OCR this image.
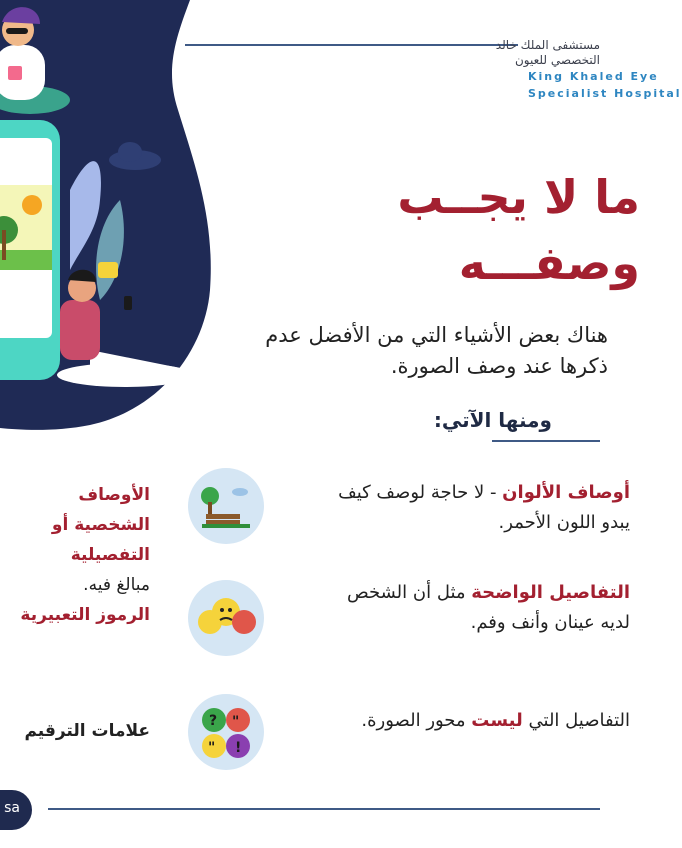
مستشفى الملك خالد
التخصصي للعيون
King Khaled Eye
Specialist Hospital
ما لا يجــب
وصفـــه
هناك بعض الأشياء التي من الأفضل عدم ذكرها عند وصف الصورة.
ومنها الآتي:
أوصاف الألوان - لا حاجة لوصف كيف يبدو اللون الأحمر.
التفاصيل الواضحة مثل أن الشخص لديه عينان وأنف وفم.
التفاصيل التي ليست محور الصورة.
? "
" !
الأوصاف الشخصية أو التفصيلية
مبالغ فيه.
الرموز التعبيرية
علامات الترقيم
sa
